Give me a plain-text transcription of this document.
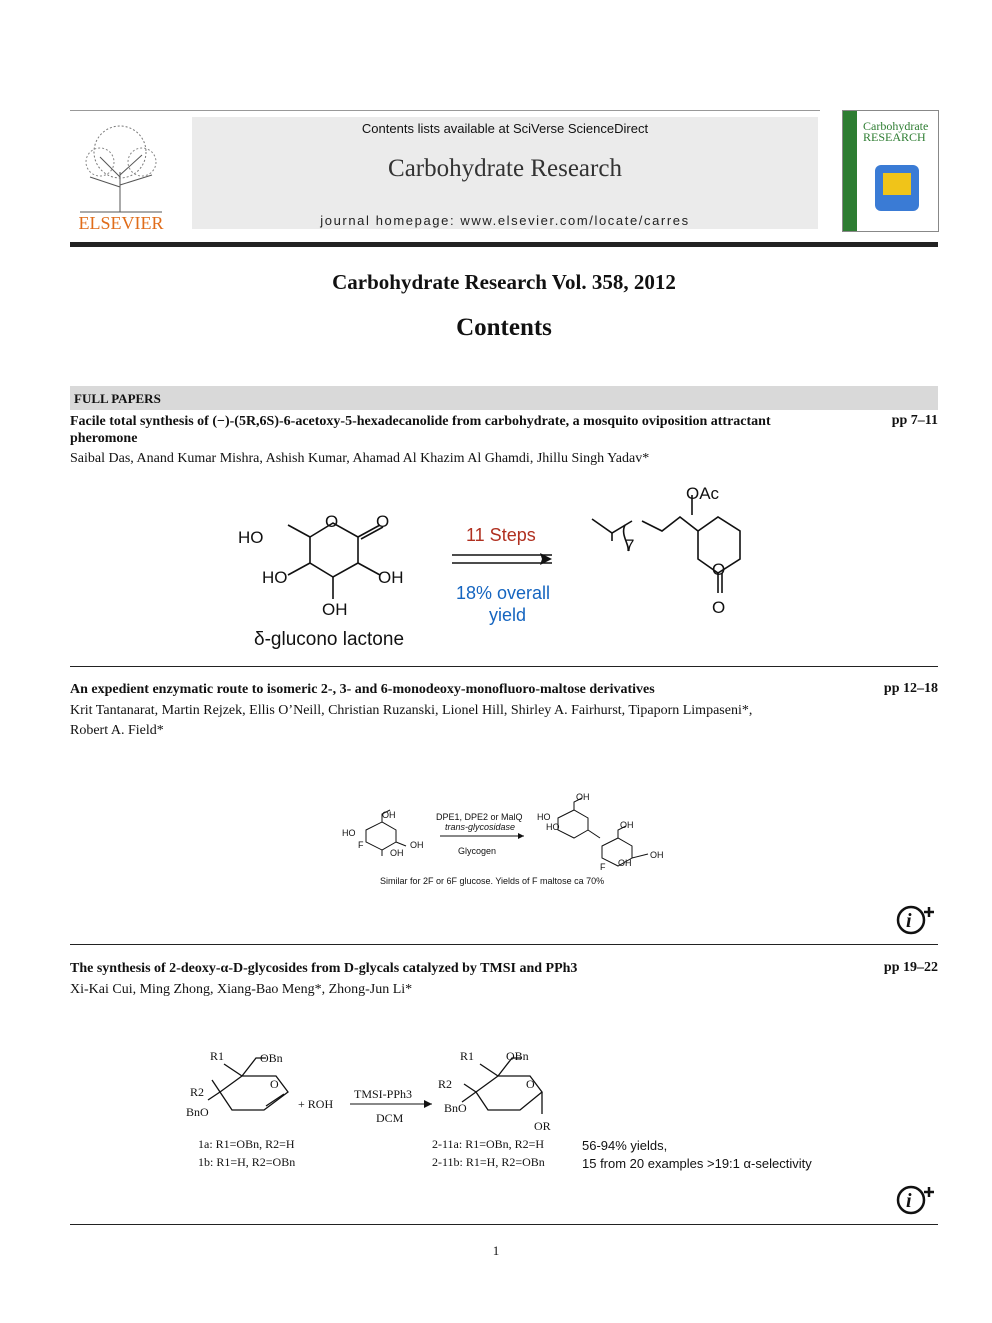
ELSEVIER
Contents lists available at SciVerse ScienceDirect
Carbohydrate Research
journal homepage: www.elsevier.com/locate/carres
Carbohydrate
RESEARCH
Carbohydrate Research Vol. 358, 2012
Contents
FULL PAPERS
Facile total synthesis of (−)-(5R,6S)-6-acetoxy-5-hexadecanolide from carbohydrate, a mosquito oviposition attractant
pheromone
pp 7–11
Saibal Das, Anand Kumar Mishra, Ashish Kumar, Ahamad Al Khazim Al Ghamdi, Jhillu Singh Yadav*
HO
O O
HO	OH
OH
δ-glucono lactone
11 Steps
18% overall
yield
OAc
7
O
O
An expedient enzymatic route to isomeric 2-, 3- and 6-monodeoxy-monofluoro-maltose derivatives	pp 12–18
Krit Tantanarat, Martin Rejzek, Ellis O’Neill, Christian Ruzanski, Lionel Hill, Shirley A. Fairhurst, Tipaporn Limpaseni*,
Robert A. Field*
OH
HO
F	OH
OH
DPE1, DPE2 or MalQ
trans-glycosidase
Glycogen
OH
HO
HO	OH
F
OH
OH
Similar for 2F or 6F glucose. Yields of F maltose ca 70%
i
The synthesis of 2-deoxy-α-D-glycosides from D-glycals catalyzed by TMSI and PPh3	pp 19–22
Xi-Kai Cui, Ming Zhong, Xiang-Bao Meng*, Zhong-Jun Li*
R1	OBn
R2
O
BnO
+ ROH
TMSI-PPh3
DCM
R1	OBn
R2	O
BnO
OR
1a: R1=OBn, R2=H
1b: R1=H, R2=OBn
2-11a: R1=OBn, R2=H
2-11b: R1=H, R2=OBn
56-94% yields,
15 from 20 examples >19:1 α-selectivity
i
1
